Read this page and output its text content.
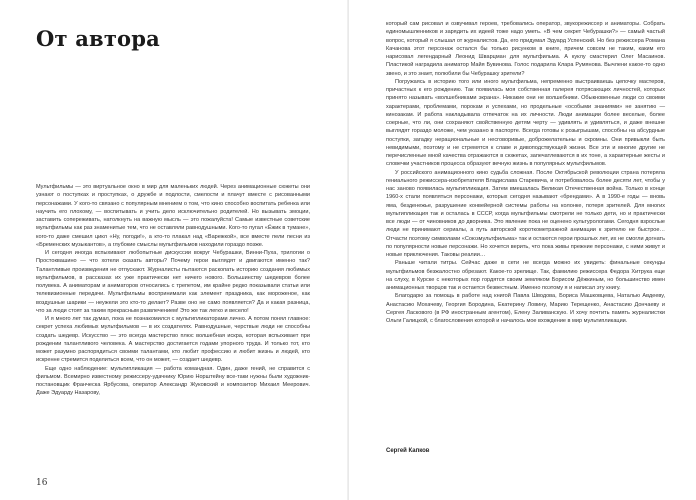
От автора

Мультфильмы — это виртуальное окно в мир для маленьких людей. Через анимационные сюжеты они узнают о поступках и проступках, о дружбе и подлости, смелости и плачут вместе с рисованными персонажами. У кого-то связано с популярным мнением о том, что кино способно воспитать ребенка или научить его плохому, — воспитывать и учить дело исключительно родителей. Но вызывать эмоции, заставить сопереживать, натолкнуть на важную мысль — это пожалуйста! Самые известные советские мультфильмы как раз знаменитые тем, что не оставляли равнодушными. Кого-то пугал «Ёжик в тумане», кого-то даже смешил цикл «Ну, погоди!», а кто-то плакал над «Варежкой», все вместе пели песни из «Бременских музыкантов», а глубокие смыслы мультфильмов находили гораздо позже.

И сегодня иногда вспыхивают любопытные дискуссии вокруг Чебурашки, Винни-Пуха, трилогии о Простоквашино — что хотели сказать авторы? Почему герои выглядят и двигаются именно так? Талантливые произведения не отпускают. Журналисты пытаются раскопать историю создания любимых мультфильмов, в рассказах их уже практически нет ничего нового. Большинству шедевров более полувека. А аниматорам и аниматоров относились с трепетом, им крайне редко показывали статьи или телевизионные передачи. Мультфильмы воспринимали как элемент праздника, как мороженое, как воздушные шарики — неужели это кто-то делает? Разве оно не само появляется? Да и какая разница, что за люди стоят за таким прекрасным развлечением! Это же так легко и весело!

И я много лет так думал, пока не познакомился с мультипликаторами лично. А потом понял главное: секрет успеха любимых мультфильмов — в их создателях. Равнодушные, черствые люди не способны создать шедевр. Искусство — это всегда мастерство плюс волшебная искра, которая вспыхивает при рождении талантливого человека. А мастерство достигается годами упорного труда. И только тот, кто может разумно распорядиться своими талантами, кто любит профессию и любит жизнь и людей, кто искренне стремится поделиться всем, что он может, — создает шедевр.

Еще одно наблюдение: мультипликация — работа командная. Один, даже гений, не справится с фильмом. Всемирно известному режиссеру-удачнику Юрию Норштейну все-таки нужны были художник-постановщик Франческа Ярбусова, оператор Александр Жуковский и композитор Михаил Меерович. Даже Эдуарду Назарову,

который сам рисовал и озвучивал героев, требовались оператор, звукорежиссер и аниматоры. Собрать единомышленников и зарядить их идеей тоже надо уметь. «В чем секрет Чебурашки?» — самый частый вопрос, который я слышал от журналистов. Да, его придумал Эдуард Успенский. Но без режиссера Романа Качанова этот персонаж остался бы только рисунком в книге, причем совсем не таким, каким его нарисовал легендарный Леонид Шварцман для мультфильма. А куклу смастерил Олег Масаинов. Пластикой наградила аниматор Майя Бувинова. Голос подарила Клара Румянова. Вычлени какое-то одно звено, и это знает, полюбили бы Чебурашку зрители?

Погружаясь в историю того или иного мультфильма, непременно выстраиваешь цепочку мастеров, причастных к его рождению. Так появилась моя собственная галерея потрясающих личностей, которых принято называть «волшебниками экрана». Никакие они не волшебники. Обыкновенные люди со своими характерами, проблемами, порокам и успехами, но продельные «особыми знаниями» не занятию — кинозакам. И работа накладывала отпечаток на их личности. Люди анимации более веселые, более соерные, что ли, они сохраняют свойственную детям черту — удивлять и удивляться, и даже внешне выглядят гораздо моложе, чем указано в паспорте. Всегда готовы к розыгрышам, способны на абсурдные поступки, загадку нерациональные и несговоривые, доброжелательны и скромны. Они привыкли быть невидимыми, поэтому и не стремятся к славе и дивоподствующей жизни. Все эти и многие другие не перечисленные мной качества отражаются в сюжетах, запечатлеваются в их тоне, а характерные жесты и словечки участников процесса образуют вечную жизнь в популярных мультфильмов.

У российского анимационного кино судьба сложная. После Октябрьской революции страна потеряла гениального режиссера-изобретателя Владислава Старевича, и потребовалось более десяти лет, чтобы у нас заново появилась мультипликация. Затем вмешалась Великая Отечественная война. Только в конце 1960-х стали появляться персонажи, которых сегодня называют «брендами». А в 1990-е годы — вновь яма, безденежье, разрушение конвейерной системы работы на колонке, потеря зрителей. Для многих мультипликация так и осталась в СССР, когда мультфильмы смотрели не только дети, но и практически все люди — от чиновников до дворника. Это явление пока не оценено культурологами. Сегодня взрослые люди не принимают сериалы, а путь авторской короткометражной анимации к зрителю не быстрое… Отчасти поэтому символами «Союзмультфильма» так и остаются герои прошлых лет, их не смогли догнать по популярности новые персонажи. Но хочется верить, что пока живы прежние персонажи, с ними живут и новые приключения. Таковы реалии…

Раньше читали титры. Сейчас даже в сети не всегда можно их увидеть: финальные секунды мультфильмов безжалостно обрезают. Какое-то зрелище. Так, фамилию режиссера Федора Хитрука еще на слуху, в Курске с некоторых пор гордятся своим земляком Борисом Дёжкиным, но большинство имен анимационных творцов так и остается безвестным. Именно поэтому я и написал эту книгу.

Благодарю за помощь в работе над книгой Павла Шводова, Бориса Машковцева, Наталью Авдееву, Анастасию Мохачеву, Георгия Бородина, Екатерину Ловину, Марию Терещенко, Анастасию Дончаеву и Сергея Ласкового (в РФ иностранным агентом), Елену Заливанскую. И хочу почтить память журналистки Ольги Галицкой, с благословения которой и началось мое вхождение в мир мультипликации.

Сергей Капков

16
